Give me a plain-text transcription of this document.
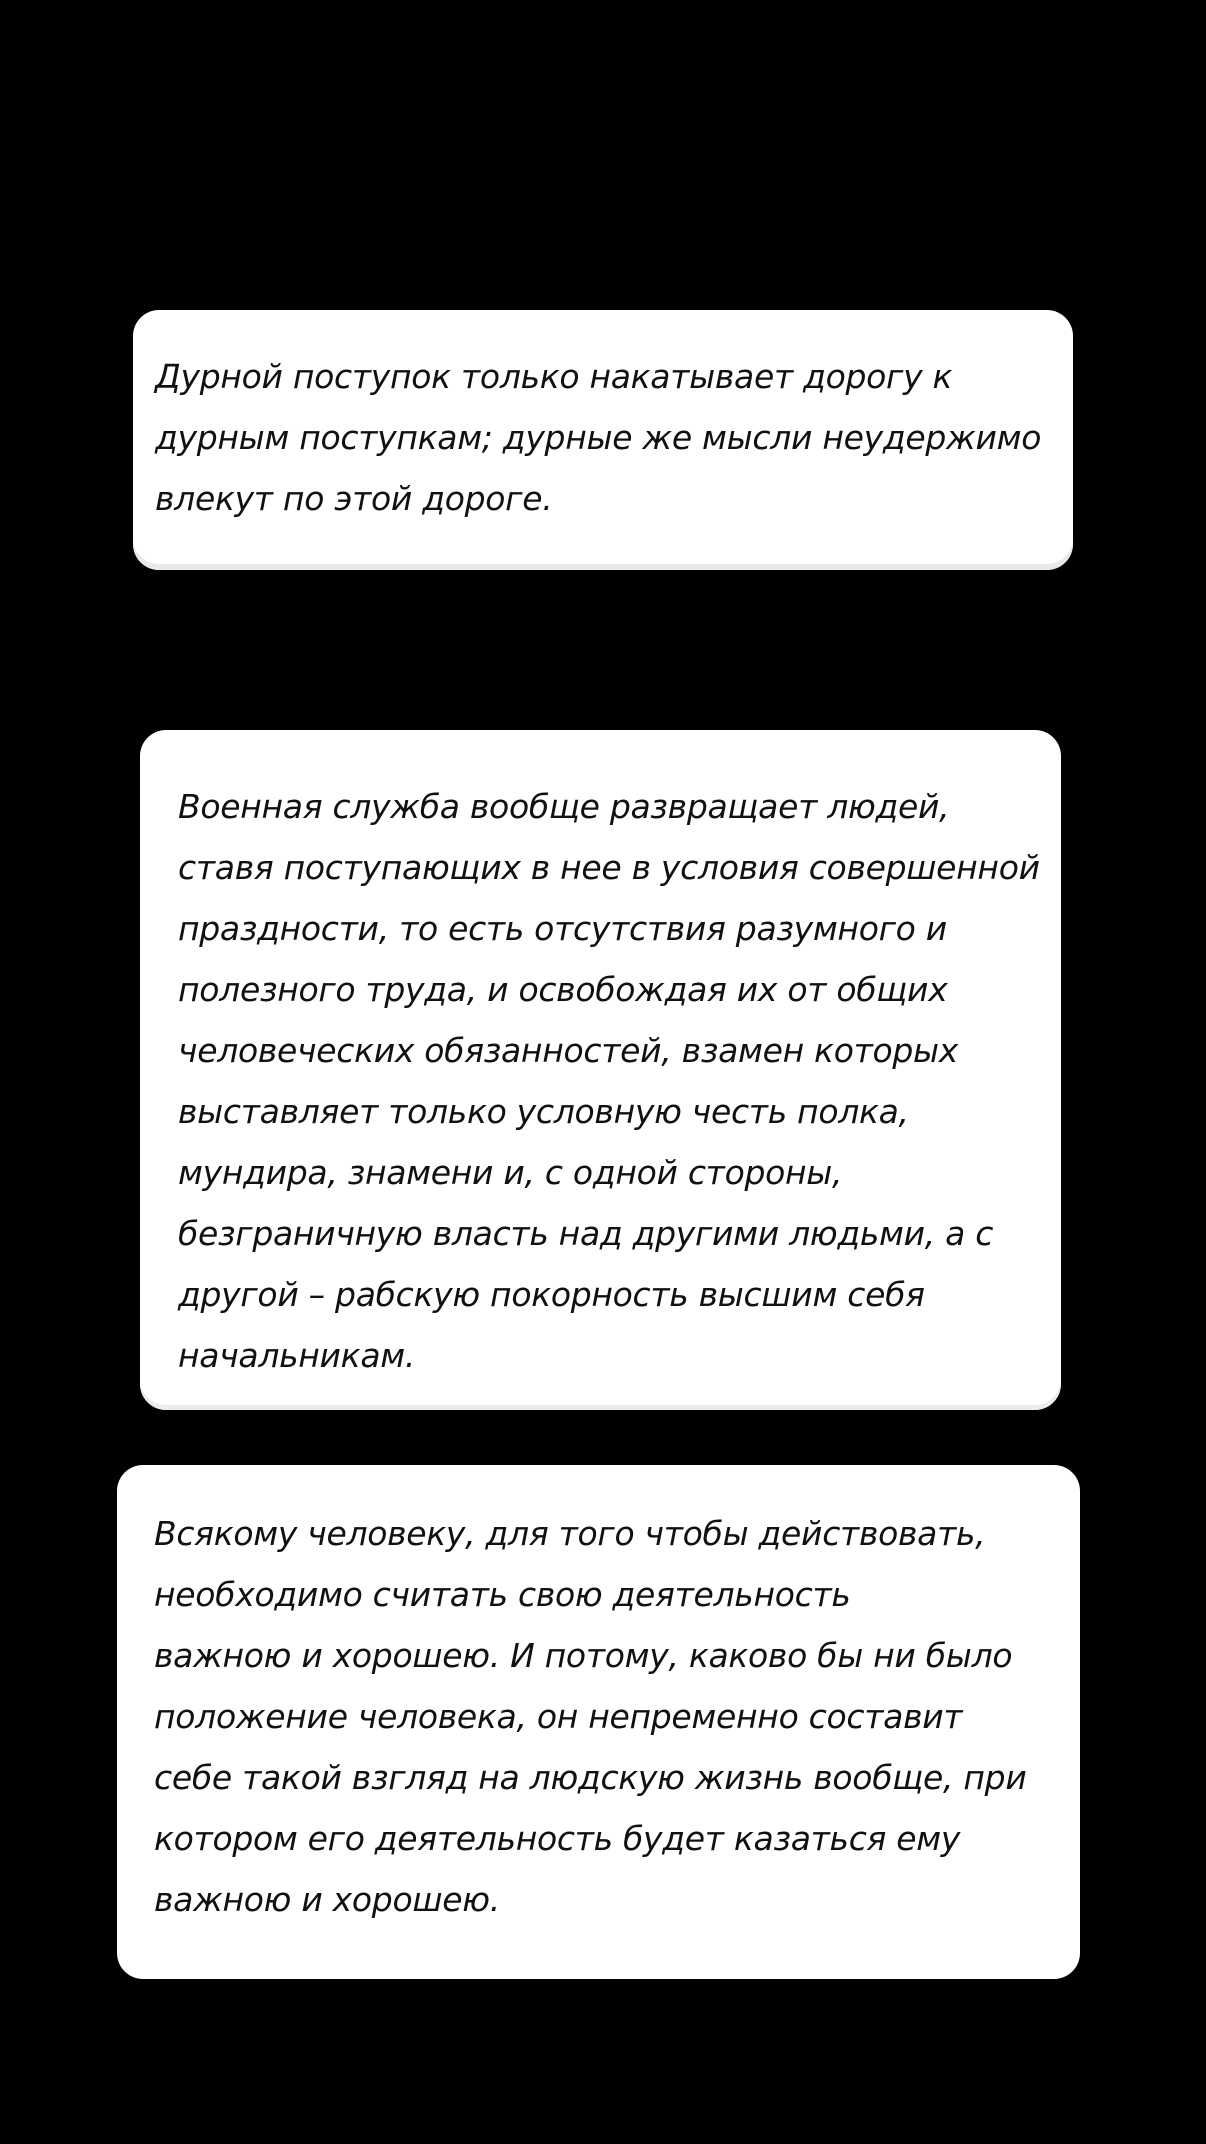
Дурной поступок только накатывает дорогу к
дурным поступкам; дурные же мысли неудержимо
влекут по этой дороге.

Военная служба вообще развращает людей,
ставя поступающих в нее в условия совершенной
праздности, то есть отсутствия разумного и
полезного труда, и освобождая их от общих
человеческих обязанностей, взамен которых
выставляет только условную честь полка,
мундира, знамени и, с одной стороны,
безграничную власть над другими людьми, а с
другой – рабскую покорность высшим себя
начальникам.

Всякому человеку, для того чтобы действовать,
необходимо считать свою деятельность
важною и хорошею. И потому, каково бы ни было
положение человека, он непременно составит
себе такой взгляд на людскую жизнь вообще, при
котором его деятельность будет казаться ему
важною и хорошею.
